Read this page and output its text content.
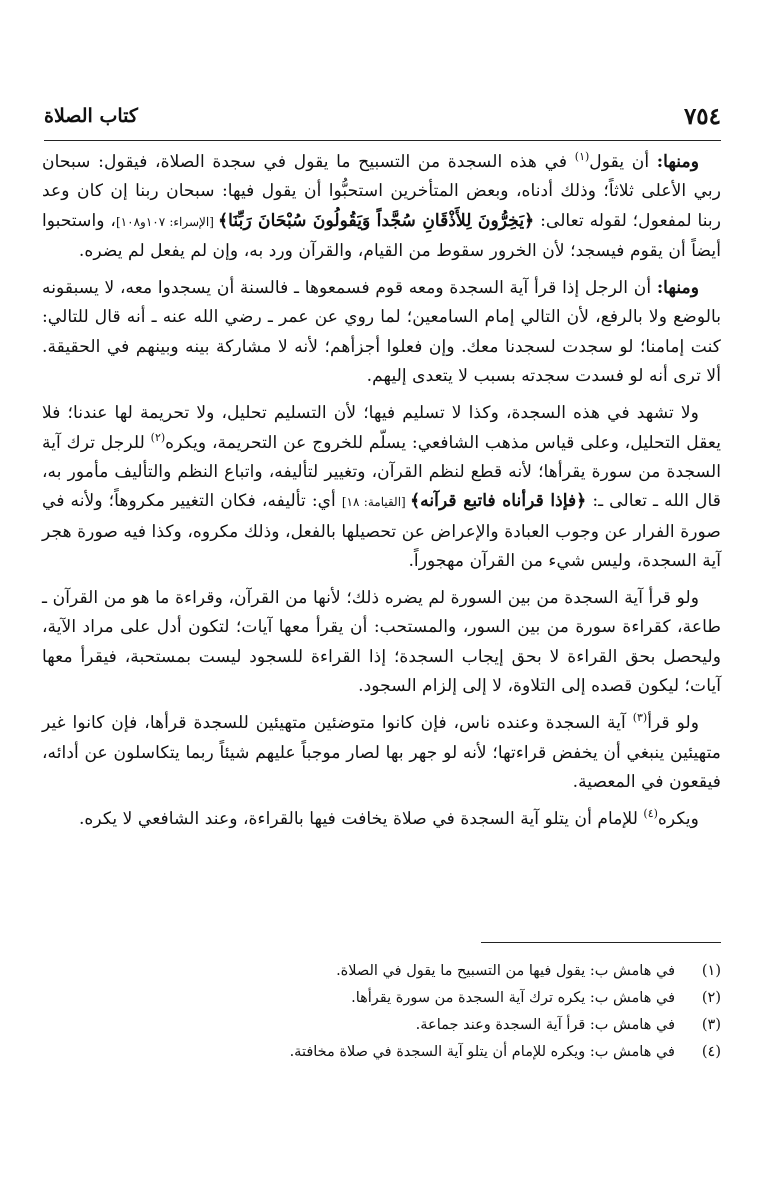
٧٥٤
كتاب الصلاة

ومنها: أن يقول$^{(١)}$ في هذه السجدة من التسبيح ما يقول في سجدة الصلاة، فيقول: سبحان ربي الأعلى ثلاثاً؛ وذلك أدناه، وبعض المتأخرين استحبُّوا أن يقول فيها: سبحان ربنا إن كان وعد ربنا لمفعول؛ لقوله تعالى: ﴿يَخِرُّونَ لِلأَذْقَانِ سُجَّداً وَيَقُولُونَ سُبْحَانَ رَبِّنَا﴾ [الإسراء: ١٠٧و١٠٨]، واستحبوا أيضاً أن يقوم فيسجد؛ لأن الخرور سقوط من القيام، والقرآن ورد به، وإن لم يفعل لم يضره.

ومنها: أن الرجل إذا قرأ آية السجدة ومعه قوم فسمعوها ـ فالسنة أن يسجدوا معه، لا يسبقونه بالوضع ولا بالرفع، لأن التالي إمام السامعين؛ لما روي عن عمر ـ رضي الله عنه ـ أنه قال للتالي: كنت إمامنا؛ لو سجدت لسجدنا معك. وإن فعلوا أجزأهم؛ لأنه لا مشاركة بينه وبينهم في الحقيقة. ألا ترى أنه لو فسدت سجدته بسبب لا يتعدى إليهم.

ولا تشهد في هذه السجدة، وكذا لا تسليم فيها؛ لأن التسليم تحليل، ولا تحريمة لها عندنا؛ فلا يعقل التحليل، وعلى قياس مذهب الشافعي: يسلّم للخروج عن التحريمة، ويكره$^{(٢)}$ للرجل ترك آية السجدة من سورة يقرأها؛ لأنه قطع لنظم القرآن، وتغيير لتأليفه، واتباع النظم والتأليف مأمور به، قال الله ـ تعالى ـ: ﴿فإذا قرأناه فاتبع قرآنه﴾ [القيامة: ١٨] أي: تأليفه، فكان التغيير مكروهاً؛ ولأنه في صورة الفرار عن وجوب العبادة والإعراض عن تحصيلها بالفعل، وذلك مكروه، وكذا فيه صورة هجر آية السجدة، وليس شيء من القرآن مهجوراً.

ولو قرأ آية السجدة من بين السورة لم يضره ذلك؛ لأنها من القرآن، وقراءة ما هو من القرآن ـ طاعة، كقراءة سورة من بين السور، والمستحب: أن يقرأ معها آيات؛ لتكون أدل على مراد الآية، وليحصل بحق القراءة لا بحق إيجاب السجدة؛ إذا القراءة للسجود ليست بمستحبة، فيقرأ معها آيات؛ ليكون قصده إلى التلاوة، لا إلى إلزام السجود.

ولو قرأ$^{(٣)}$ آية السجدة وعنده ناس، فإن كانوا متوضئين متهيئين للسجدة قرأها، فإن كانوا غير متهيئين ينبغي أن يخفض قراءتها؛ لأنه لو جهر بها لصار موجباً عليهم شيئاً ربما يتكاسلون عن أدائه، فيقعون في المعصية.

ويكره$^{(٤)}$ للإمام أن يتلو آية السجدة في صلاة يخافت فيها بالقراءة، وعند الشافعي لا يكره.

(١)
في هامش ب: يقول فيها من التسبيح ما يقول في الصلاة.
(٢)
في هامش ب: يكره ترك آية السجدة من سورة يقرأها.
(٣)
في هامش ب: قرأ آية السجدة وعند جماعة.
(٤)
في هامش ب: ويكره للإمام أن يتلو آية السجدة في صلاة مخافتة.
